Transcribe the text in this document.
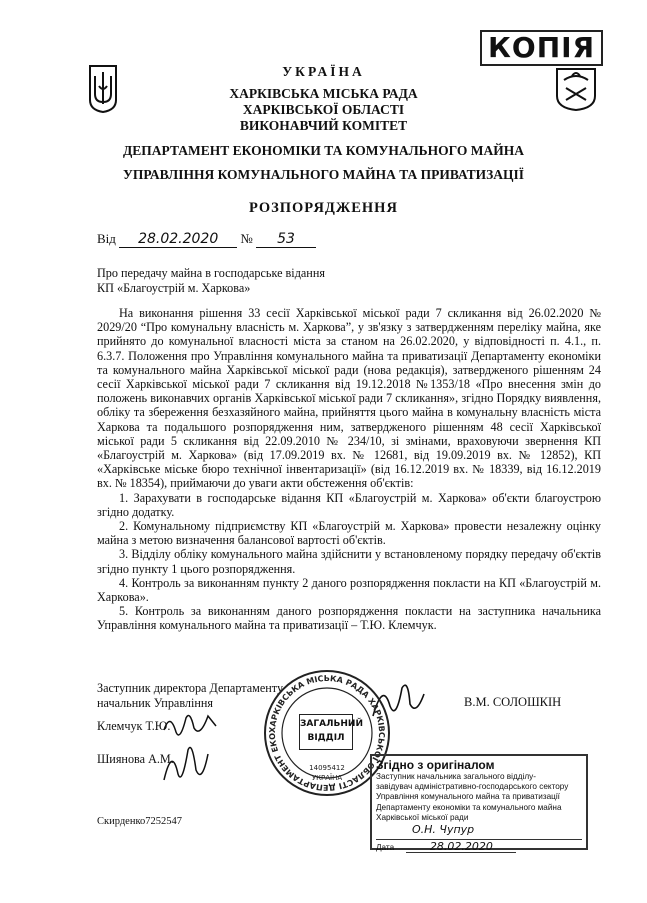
КОПІЯ
УКРАЇНА
ХАРКІВСЬКА МІСЬКА РАДА
ХАРКІВСЬКОЇ ОБЛАСТІ
ВИКОНАВЧИЙ КОМІТЕТ
ДЕПАРТАМЕНТ ЕКОНОМІКИ ТА КОМУНАЛЬНОГО МАЙНА
УПРАВЛІННЯ КОМУНАЛЬНОГО МАЙНА ТА ПРИВАТИЗАЦІЇ
РОЗПОРЯДЖЕННЯ
Від 28.02.2020 № 53
Про передачу майна в господарське відання
КП «Благоустрій м. Харкова»

На виконання рішення 33 сесії Харківської міської ради 7 скликання від 26.02.2020 № 2029/20 “Про комунальну власність м. Харкова”, у зв'язку з затвердженням переліку майна, яке прийнято до комунальної власності міста за станом на 26.02.2020, у відповідності п. 4.1., п. 6.3.7. Положення про Управління комунального майна та приватизації Департаменту економіки та комунального майна Харківської міської ради (нова редакція), затвердженого рішенням 24 сесії Харківської міської ради 7 скликання від 19.12.2018 №1353/18 «Про внесення змін до положень виконавчих органів Харківської міської ради 7 скликання», згідно Порядку виявлення, обліку та збереження безхазяйного майна, прийняття цього майна в комунальну власність міста Харкова та подальшого розпорядження ним, затвердженого рішенням 48 сесії Харківської міської ради 5 скликання від 22.09.2010 № 234/10, зі змінами, враховуючи звернення КП «Благоустрій м. Харкова» (від 17.09.2019 вх. № 12681, від 19.09.2019 вх. № 12852), КП «Харківське міське бюро технічної інвентаризації» (від 16.12.2019 вх. № 18339, від 16.12.2019 вх. № 18354), приймаючи до уваги акти обстеження об'єктів:

1. Зарахувати в господарське відання КП «Благоустрій м. Харкова» об'єкти благоустрою згідно додатку.

2. Комунальному підприємству КП «Благоустрій м. Харкова» провести незалежну оцінку майна з метою визначення балансової вартості об'єктів.

3. Відділу обліку комунального майна здійснити у встановленому порядку передачу об'єктів згідно пункту 1 цього розпорядження.

4. Контроль за виконанням пункту 2 даного розпорядження покласти на КП «Благоустрій м. Харкова».

5. Контроль за виконанням даного розпорядження покласти на заступника начальника Управління комунального майна та приватизації – Т.Ю. Клемчук.

Заступник директора Департаменту
начальник Управління	В.М. СОЛОШКІН
Клемчук Т.Ю.
Шиянова А.М.
Скирденко7252547
ХАРКІВСЬКА МІСЬКА РАДА ХАРКІВСЬКОЇ ОБЛАСТІ ДЕПАРТАМЕНТ ЕКО
14095412
УКРАЇНА
ЗАГАЛЬНИЙ
ВІДДІЛ
Згідно з оригіналом
Заступник начальника загального відділу-
завідувач адміністративно-господарського сектору
Управління комунального майна та приватизації
Департаменту економіки та комунального майна
Харківської міської ради
О.Н. Чупур
Дата	28.02.2020
